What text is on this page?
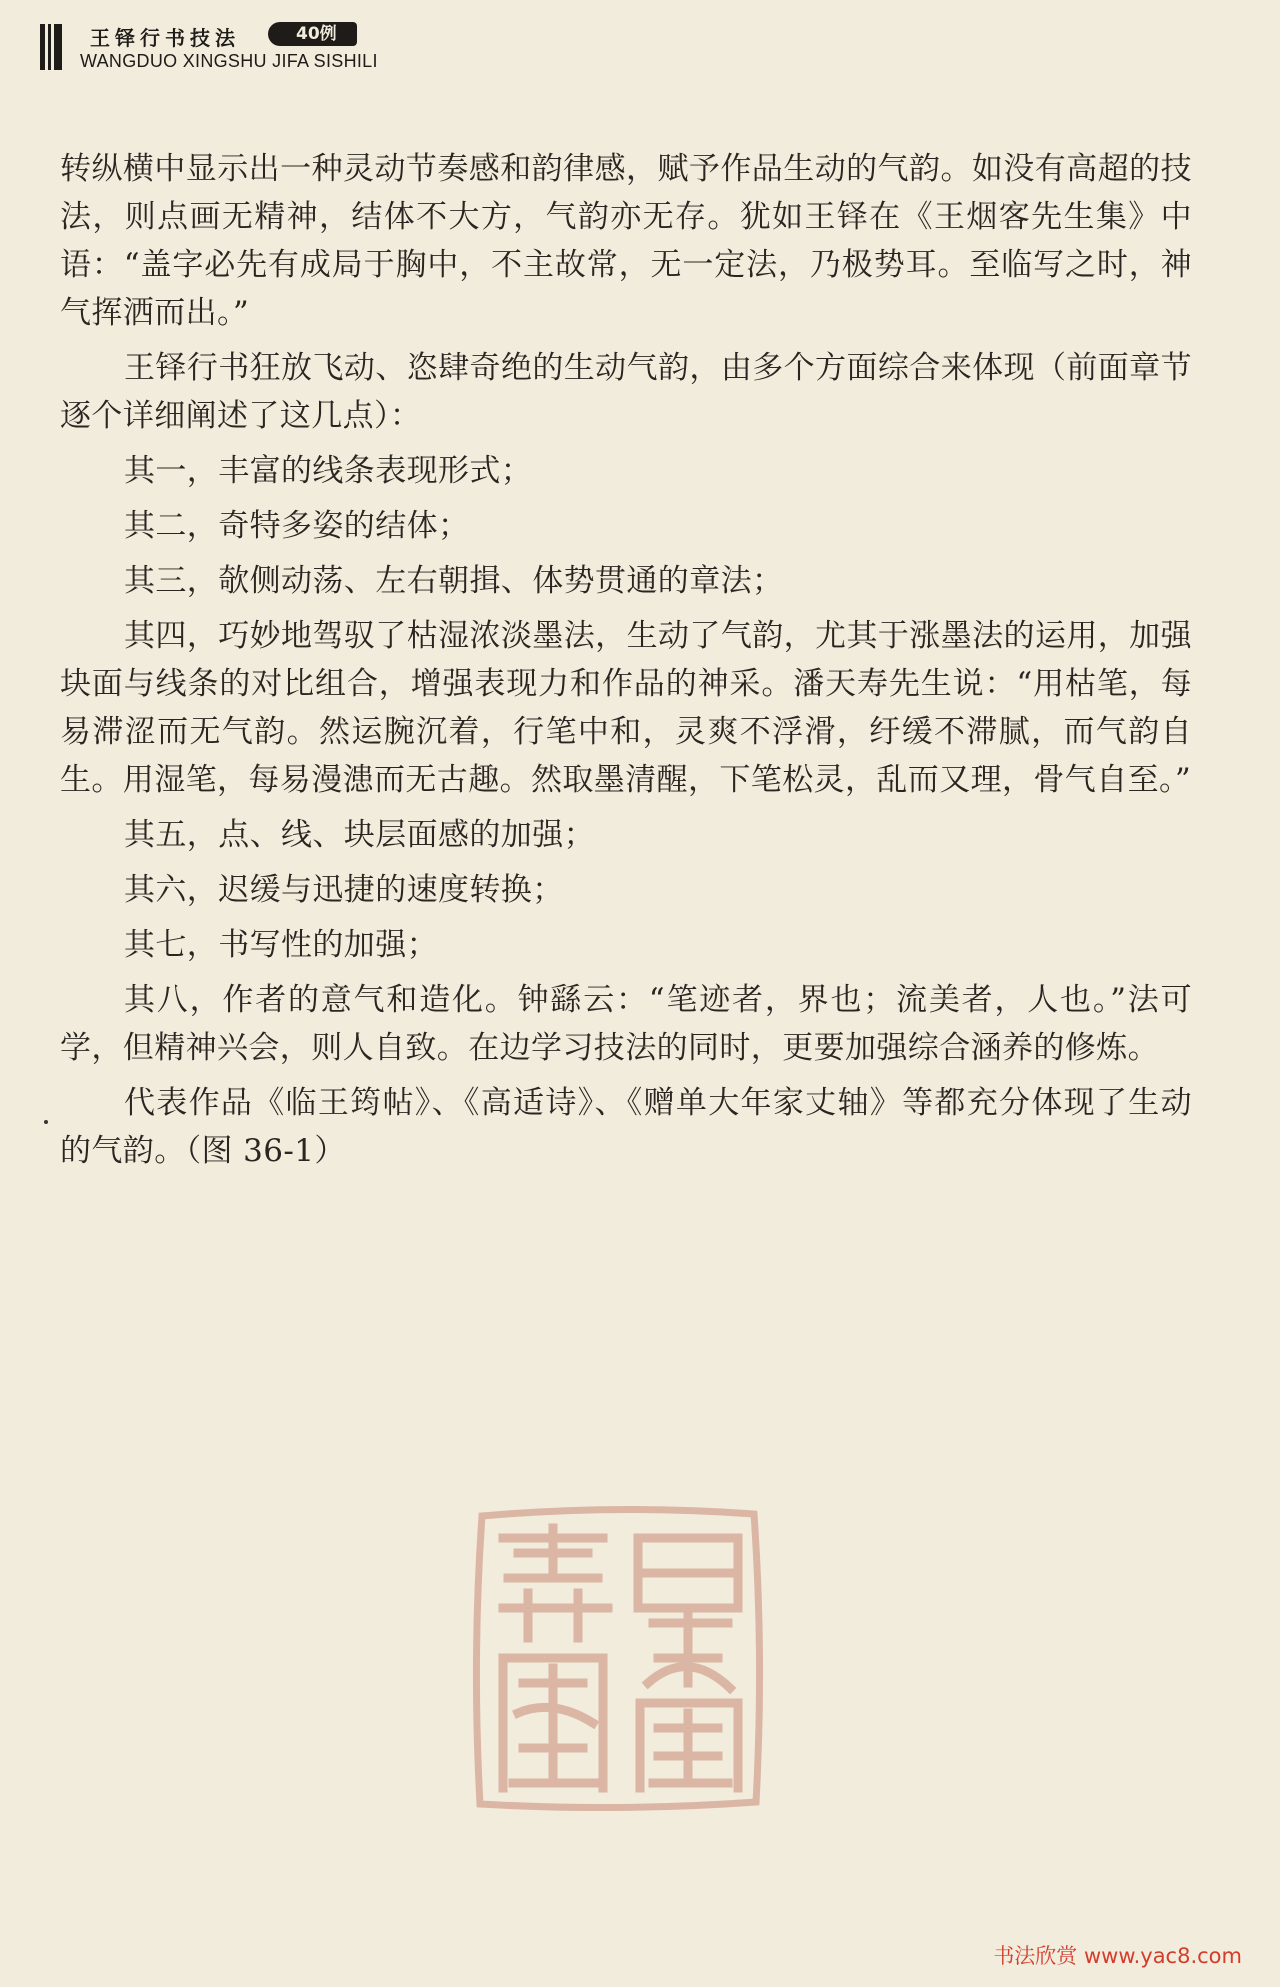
王铎行书技法	40例
WANGDUO XINGSHU JIFA SISHILI

转纵横中显示出一种灵动节奏感和韵律感，赋予作品生动的气韵。如没有高超的技法，则点画无精神，结体不大方，气韵亦无存。犹如王铎在《王烟客先生集》中语：“盖字必先有成局于胸中，不主故常，无一定法，乃极势耳。至临写之时，神气挥洒而出。”

王铎行书狂放飞动、恣肆奇绝的生动气韵，由多个方面综合来体现（前面章节逐个详细阐述了这几点）：

其一，丰富的线条表现形式；

其二，奇特多姿的结体；

其三，欹侧动荡、左右朝揖、体势贯通的章法；

其四，巧妙地驾驭了枯湿浓淡墨法，生动了气韵，尤其于涨墨法的运用，加强块面与线条的对比组合，增强表现力和作品的神采。潘天寿先生说：“用枯笔，每易滞涩而无气韵。然运腕沉着，行笔中和，灵爽不浮滑，纡缓不滞腻，而气韵自生。用湿笔，每易漫漶而无古趣。然取墨清醒，下笔松灵，乱而又理，骨气自至。”

其五，点、线、块层面感的加强；

其六，迟缓与迅捷的速度转换；

其七，书写性的加强；

其八，作者的意气和造化。钟繇云：“笔迹者，界也；流美者，人也。”法可学，但精神兴会，则人自致。在边学习技法的同时，更要加强综合涵养的修炼。

代表作品《临王筠帖》、《高适诗》、《赠单大年家丈轴》等都充分体现了生动的气韵。（图 36-1）

书法欣赏 www.yac8.com
